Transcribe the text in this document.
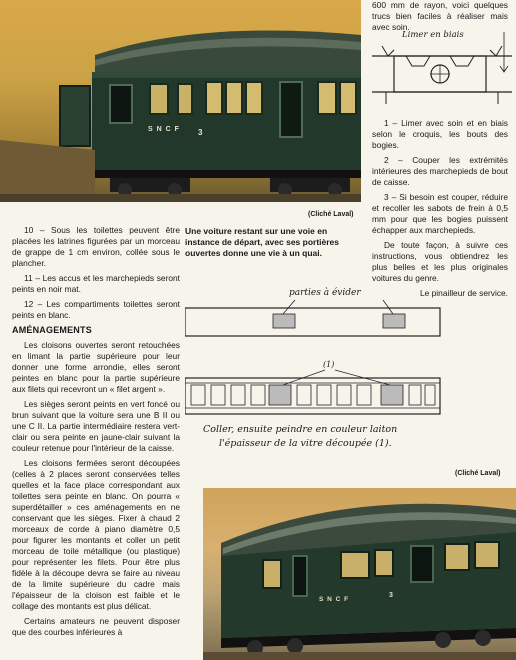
S N C F 3
(Cliché Laval)

10 – Sous les toilettes peuvent être placées les latrines figurées par un morceau de grappe de 1 cm environ, collée sous le plancher.

11 – Les accus et les marchepieds seront peints en noir mat.

12 – Les compartiments toilettes seront peints en blanc.

AMÉNAGEMENTS

Les cloisons ouvertes seront retouchées en limant la partie supérieure pour leur donner une forme arrondie, elles seront peintes en blanc pour la partie supérieure aux filets qui recevront un « filet argent ».

Les sièges seront peints en vert foncé ou brun suivant que la voiture sera une B II ou une C II. La partie intermédiaire restera vert-clair ou sera peinte en jaune-clair suivant la couleur retenue pour l'intérieur de la caisse.

Les cloisons fermées seront découpées (celles à 2 places seront conservées telles quelles et la face place correspondant aux toilettes sera peinte en blanc. On pourra « superdétailler » ces aménagements en ne conservant que les sièges. Fixer à chaud 2 morceaux de corde à piano diamètre 0,5 pour figurer les montants et coller un petit morceau de toile métallique (ou plastique) pour représenter les filets. Pour être plus fidèle à la découpe devra se faire au niveau de la limite supérieure du cadre mais l'épaisseur de la cloison est faible et le collage des montants est plus délicat.

Certains amateurs ne peuvent disposer que des courbes inférieures à

Une voiture restant sur une voie en instance de départ, avec ses portières ouvertes donne une vie à un quai.
600 mm de rayon, voici quelques trucs bien faciles à réaliser mais avec soin.
Limer en biais

1 – Limer avec soin et en biais selon le croquis, les bouts des bogies.

2 – Couper les extrémités intérieures des marchepieds de bout de caisse.

3 – Si besoin est couper, réduire et recoller les sabots de frein à 0,5 mm pour que les bogies puissent échapper aux marchepieds.

De toute façon, à suivre ces instructions, vous obtiendrez les plus belles et les plus originales voitures du genre.

Le pinailleur de service.
parties à évider
(1)
Coller, ensuite peindre en couleur laiton
l'épaisseur de la vitre découpée (1).
(Cliché Laval)
S N C F
3
